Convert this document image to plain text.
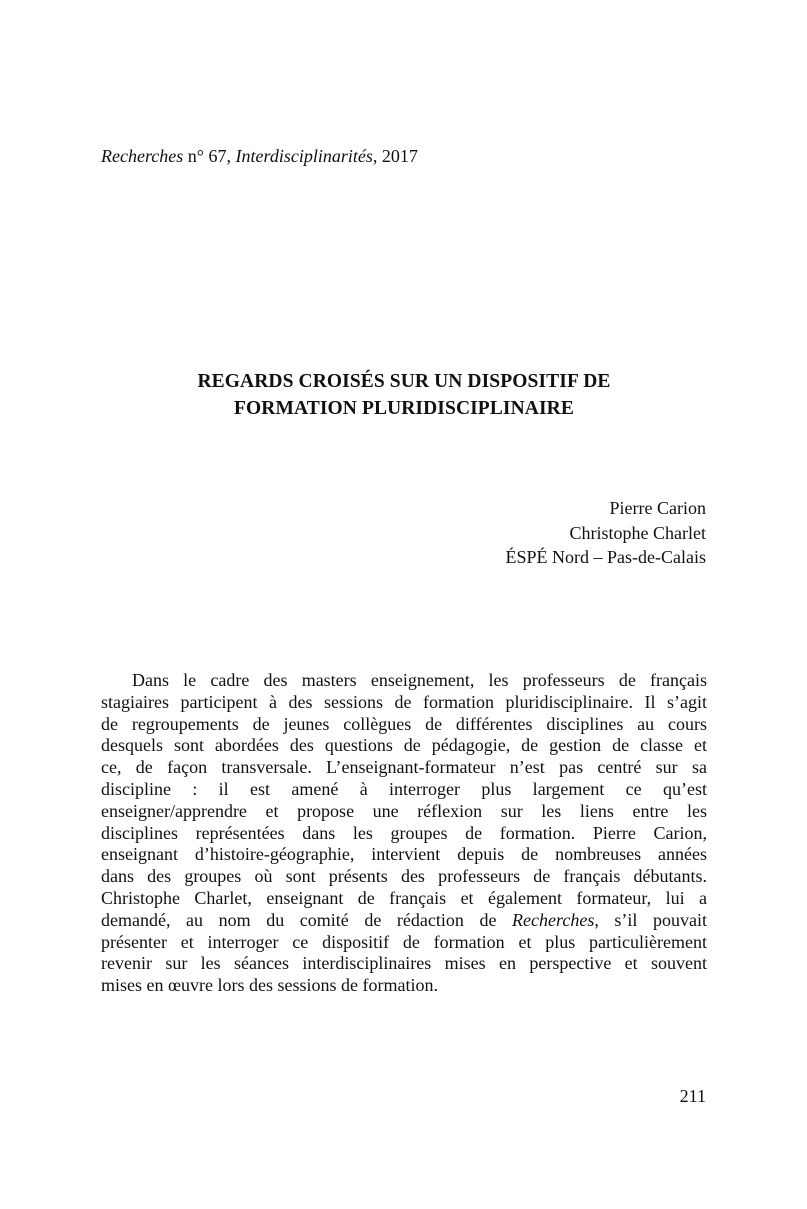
Recherches n° 67, Interdisciplinarités, 2017
REGARDS CROISÉS SUR UN DISPOSITIF DE
FORMATION PLURIDISCIPLINAIRE
Pierre Carion
Christophe Charlet
ÉSPÉ Nord – Pas-de-Calais
Dans le cadre des masters enseignement, les professeurs de français
stagiaires participent à des sessions de formation pluridisciplinaire. Il s’agit
de regroupements de jeunes collègues de différentes disciplines au cours
desquels sont abordées des questions de pédagogie, de gestion de classe et
ce, de façon transversale. L’enseignant-formateur n’est pas centré sur sa
discipline : il est amené à interroger plus largement ce qu’est
enseigner/apprendre et propose une réflexion sur les liens entre les
disciplines représentées dans les groupes de formation. Pierre Carion,
enseignant d’histoire-géographie, intervient depuis de nombreuses années
dans des groupes où sont présents des professeurs de français débutants.
Christophe Charlet, enseignant de français et également formateur, lui a
demandé, au nom du comité de rédaction de Recherches, s’il pouvait
présenter et interroger ce dispositif de formation et plus particulièrement
revenir sur les séances interdisciplinaires mises en perspective et souvent
mises en œuvre lors des sessions de formation.
211
